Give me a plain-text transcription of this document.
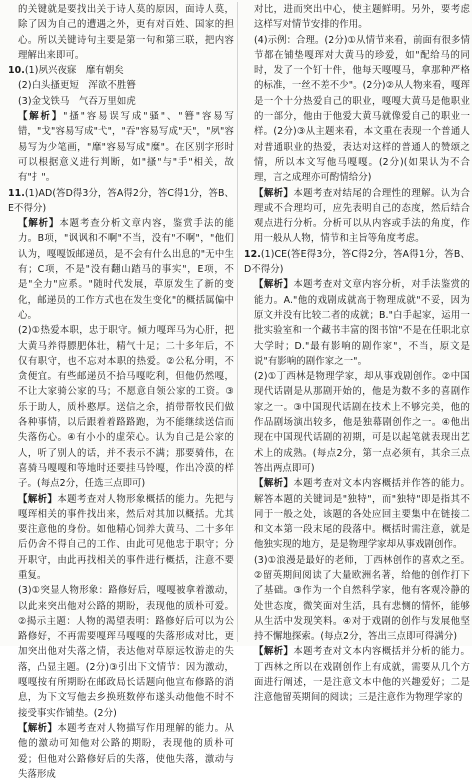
的关键就是要找出关于诗人莫的原因，面诗人莫，除了因为自己的遭遇之外，更有对百姓、国家的担心。所以关键诗句主要是第一句和第三联，把内容理解出来即可。
10.(1)夙兴夜寐　靡有朝矣
(2)白头搔更短　浑欲不胜簪
(3)金戈铁马　气吞万里如虎
【解析】"搔"容易误写成"骚"、"簪"容易写错，"戈"容易写成"弋"，"吞"容易写成"天"，"夙"容易写为少笔画，"靡"容易写成"糜"。在区别字形时可以根据意义进行判断，如"搔"与"手"相关，故有"扌"。
11.(1)AD(答D得3分，答A得2分，答C得1分，答B、E不得分)
【解析】本题考查分析文章内容，鉴赏手法的能力。B项，"讽讽和不啊"不当，没有"不啊"，"他们认为，嘎嘎饭邮递员，是不会有什么出息的"无中生有；C项，不是"没有翻山踏马的事实"，E项，不是"全力"应系。"随时代发展，草原发生了新的变化，邮递员的工作方式也在发生变化"的概括属偏中心。
(2)①热爱本职，忠于职守。倾力嘎珲马为心肝，把大黄马养得膘肥体壮，精气十足；二十多年后，不仅有职守，也不忘对本职的热爱。②公私分明，不贪便宜。有些邮递员不拾马嘎吃利，但他仍然嘎，不让大家骑公家的马；不愿意自领公家的工资。③乐于助人，质朴憨厚。送信之余，捎带帮牧民们做各种事情，以后跟着着路路跑，为不能继续送信而失落伤心。④有小小的虚荣心。认为自己是公家的人，听了别人的话，并不表示不满；那要骑伟，在喜骑马嘎嘎和等地时还要挂马铃嘎，作出冷漠的样子。(每点2分，任选三点即可)
【解析】本题考查对人物形象概括的能力。先把与嘎珲相关的事件找出来，然后对其加以概括。尤其要注意他的身份。如他精心饲养大黄马、二十多年后仍舍不得自己的工作、由此可见他忠于职守；分开职守，由此再找相关的事件进行概括，注意不要重复。
(3)①突显人物形象：路修好后，嘎嘎被拿着激动，以此来突出他对公路的期盼，表现他的质朴可爱。②揭示主题：人物的渴望表明：路修好后可以为公路修好，不再需要嘎珲马嘎嘎的失落形成对比，更加突出他对失落之情，表达他对草原远牧游走的失落，凸显主题。(2分)③引出下文情节：因为激动，嘎嘎按有所期盼在邮政局长话题向他宣布修路的消息，为下文写他去乡换班数停布遂头动他他不时不接受事实作铺垫。(2分)
【解析】本题考查对人物描写作用理解的能力。从他的激动可知他对公路的期盼，表现他的质朴可爱；但他对公路修好后的失落，使他失落，激动与失落形成
对比，进而突出中心，使主题鲜明。另外，要考虑这样写对情节安排的作用。
(4)示例：合理。(2分)①从情节来看，前面有很多情节都在铺垫嘎珲对大黄马的珍爱，如"配给马的同时，发了一个钉十件，他每天嘎嘎马，拿那种严格的标准，一丝不差不少"。(2分)②从人物来看，嘎珲是一个十分热爱自己的职业，嘎嘎大黄马是他职业的一部分，他由于他爱大黄马就像爱自己的职业一样。(2分)③从主题来看，本文重在表现一个普通人对普通职业的热爱，表达对这样的普通人的赞颂之情，所以本文写他马嘎嘎。(2分)(如果认为不合理，言之成理亦可酌情给分)
【解析】本题考查对结尾的合理性的理解。认为合理或不合理均可，应先表明自己的态度，然后结合观点进行分析。分析可以从内容或手法的角度，作用一般从人物，情节和主旨等角度考虑。
12.(1)CE(答E得3分，答C得2分，答A得1分，答B、D不得分)
【解析】本题考查对文章内容分析，对手法鉴赏的能力。A."他的戏剧成就高于物理成就"不妥，因为原文并没有比较二者的成就；B."白手起家，运用一批实验室和一个藏书丰富的图书馆"不是在任职北京大学时；D."最有影响的剧作家"，不当，原文是说"有影响的剧作家之一"。
(2)①丁西林是物理学家，却从事戏剧创作。②中国现代话剧是从那剧开始的，他是为数不多的喜剧作家之一。③中国现代话剧在技术上不够完美，他的作品剧场演出较多，他是独幕剧创作之一。④他出现在中国现代话剧的初期，可是以起笔就表现出艺术上的成熟。(每点2分，第一点必须有，其余三点答出两点即可)
【解析】本题考查对文本内容概括并作答的能力。解答本题的关键词是"独特"，而"独特"即是指其不同于一般之处，该题的各处应回主要集中在链接二和文本第一段末尾的段落中。概括时需注意，就是他独实现的地方，是是物理学家却从事戏剧创作。
(3)①浪漫是最好的老师，丁西林创作的喜欢之至。②留英期间阅读了大量欧洲名著，给他的创作打下了基础。③作为一个自然科学家，他有客观冷静的处世态度，微笑面对生活，具有悲恻的情怀，能够从生活中发现笑料。④对于戏剧的创作与发展他坚持不懈地探索。(每点2分，答出三点即可得满分)
【解析】本题考查对文本内容概括并分析的能力。丁西林之所以在戏剧创作上有成就，需要从几个方面进行阐述，一是注意文本中他的兴趣爱好；二是注意他留英期间的阅读；三是注意作为物理学家的
